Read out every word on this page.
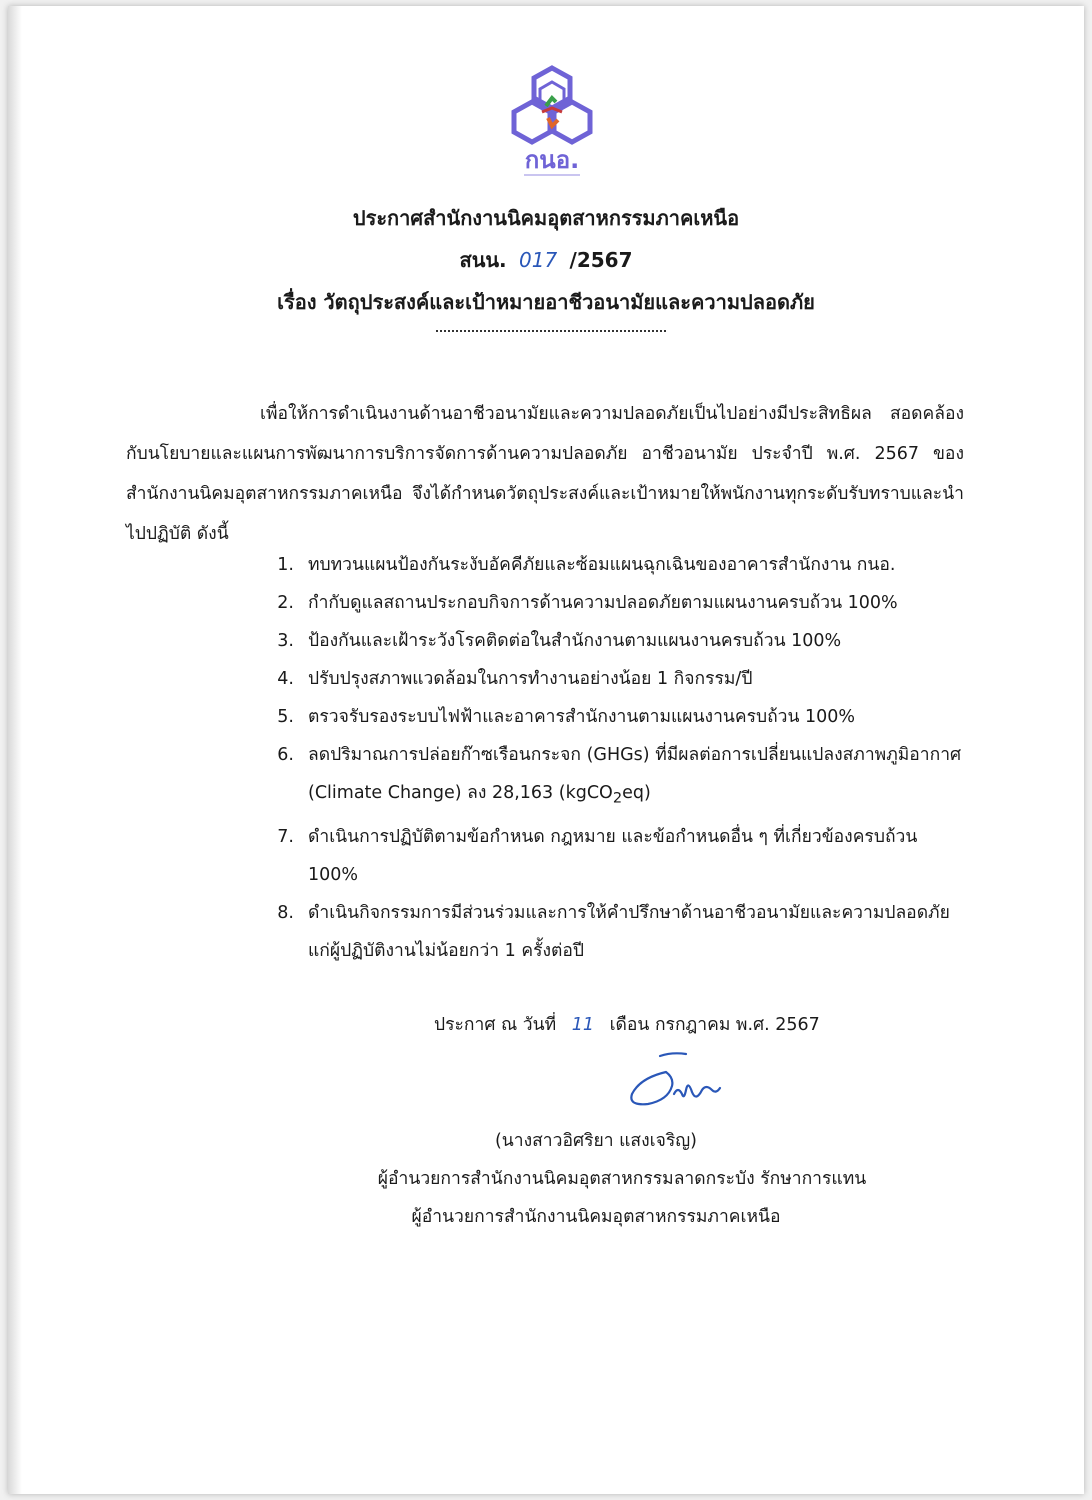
กนอ.
ประกาศสำนักงานนิคมอุตสาหกรรมภาคเหนือ
สนน. 017 /2567
เรื่อง วัตถุประสงค์และเป้าหมายอาชีวอนามัยและความปลอดภัย

เพื่อให้การดำเนินงานด้านอาชีวอนามัยและความปลอดภัยเป็นไปอย่างมีประสิทธิผล สอดคล้องกับนโยบายและแผนการพัฒนาการบริการจัดการด้านความปลอดภัย อาชีวอนามัย ประจำปี พ.ศ. 2567 ของสำนักงานนิคมอุตสาหกรรมภาคเหนือ จึงได้กำหนดวัตถุประสงค์และเป้าหมายให้พนักงานทุกระดับรับทราบและนำไปปฏิบัติ ดังนี้

1 .	ทบทวนแผนป้องกันระงับอัคคีภัยและซ้อมแผนฉุกเฉินของอาคารสำนักงาน กนอ.
2 .	กำกับดูแลสถานประกอบกิจการด้านความปลอดภัยตามแผนงานครบถ้วน 100%
3 .	ป้องกันและเฝ้าระวังโรคติดต่อในสำนักงานตามแผนงานครบถ้วน 100%
4 .	ปรับปรุงสภาพแวดล้อมในการทำงานอย่างน้อย 1 กิจกรรม/ปี
5 .	ตรวจรับรองระบบไฟฟ้าและอาคารสำนักงานตามแผนงานครบถ้วน 100%
6 .	ลดปริมาณการปล่อยก๊าซเรือนกระจก (GHGs) ที่มีผลต่อการเปลี่ยนแปลงสภาพภูมิอากาศ (Climate Change) ลง 28,163 (kgCO$_2$eq)
7 .	ดำเนินการปฏิบัติตามข้อกำหนด กฎหมาย และข้อกำหนดอื่น ๆ ที่เกี่ยวข้องครบถ้วน 100%
8 .	ดำเนินกิจกรรมการมีส่วนร่วมและการให้คำปรึกษาด้านอาชีวอนามัยและความปลอดภัยแก่ผู้ปฏิบัติงานไม่น้อยกว่า 1 ครั้งต่อปี
ประกาศ ณ วันที่ 11 เดือน กรกฎาคม พ.ศ. 2567
(นางสาวอิศริยา แสงเจริญ)
ผู้อำนวยการสำนักงานนิคมอุตสาหกรรมลาดกระบัง รักษาการแทน
ผู้อำนวยการสำนักงานนิคมอุตสาหกรรมภาคเหนือ
